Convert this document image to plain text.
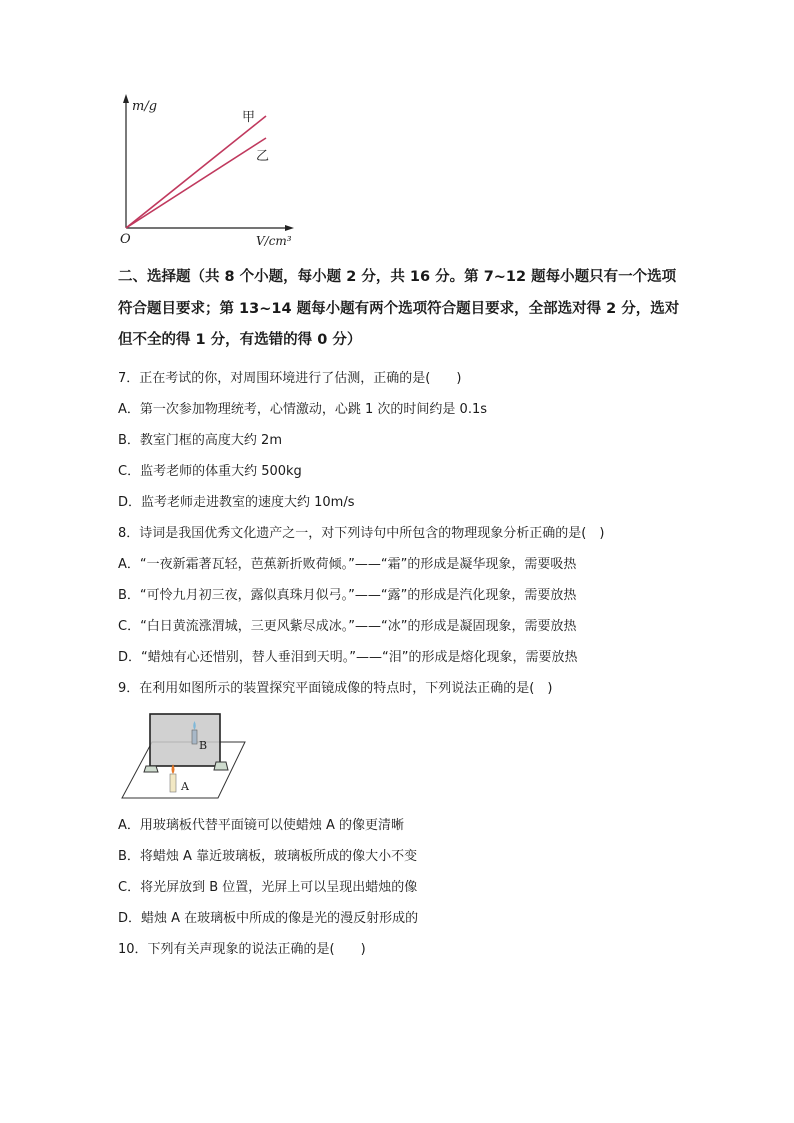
m/g
V/cm³
O
甲
乙
二、选择题（共 8 个小题，每小题 2 分，共 16 分。第 7~12 题每小题只有一个选项符合题目要求；第 13~14 题每小题有两个选项符合题目要求，全部选对得 2 分，选对但不全的得 1 分，有选错的得 0 分）
7．正在考试的你，对周围环境进行了估测，正确的是(　　)
A．第一次参加物理统考，心情激动，心跳 1 次的时间约是 0.1s
B．教室门框的高度大约 2m
C．监考老师的体重大约 500kg
D．监考老师走进教室的速度大约 10m/s
8．诗词是我国优秀文化遗产之一，对下列诗句中所包含的物理现象分析正确的是(　)
A．“一夜新霜著瓦轻，芭蕉新折败荷倾。”——“霜”的形成是凝华现象，需要吸热
B．“可怜九月初三夜，露似真珠月似弓。”——“露”的形成是汽化现象，需要放热
C．“白日黄流涨渭城，三更风紫尽成冰。”——“冰”的形成是凝固现象，需要放热
D．“蜡烛有心还惜别，替人垂泪到天明。”——“泪”的形成是熔化现象，需要放热
9．在利用如图所示的装置探究平面镜成像的特点时，下列说法正确的是(　)
B
A
A．用玻璃板代替平面镜可以使蜡烛 A 的像更清晰
B．将蜡烛 A 靠近玻璃板，玻璃板所成的像大小不变
C．将光屏放到 B 位置，光屏上可以呈现出蜡烛的像
D．蜡烛 A 在玻璃板中所成的像是光的漫反射形成的
10．下列有关声现象的说法正确的是(　　)
